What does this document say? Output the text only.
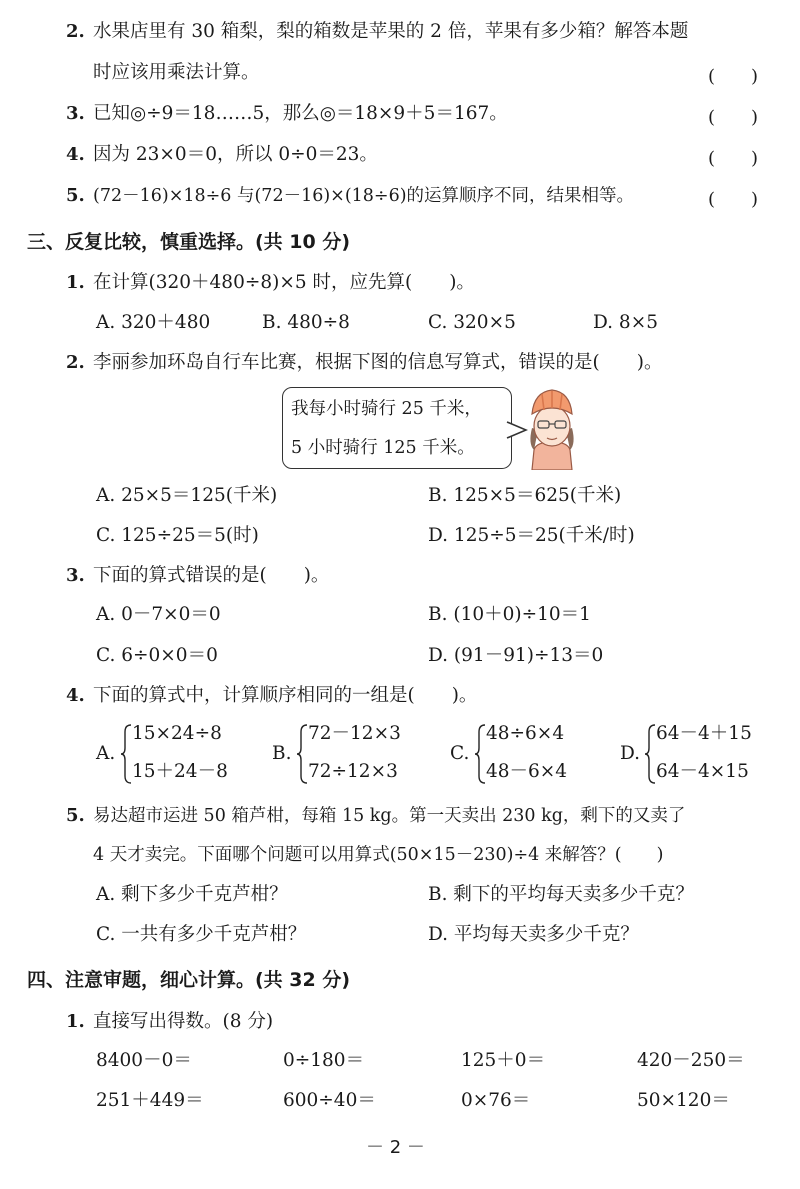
2. 水果店里有 30 箱梨，梨的箱数是苹果的 2 倍，苹果有多少箱？解答本题
时应该用乘法计算。	(　　)
3. 已知◎÷9＝18……5，那么◎＝18×9＋5＝167。	(　　)
4. 因为 23×0＝0，所以 0÷0＝23。	(　　)
5. (72－16)×18÷6 与(72－16)×(18÷6)的运算顺序不同，结果相等。	(　　)
三、反复比较，慎重选择。(共 10 分)
1. 在计算(320＋480÷8)×5 时，应先算(　　)。
A. 320＋480	B. 480÷8	C. 320×5	D. 8×5
2. 李丽参加环岛自行车比赛，根据下图的信息写算式，错误的是(　　)。
我每小时骑行 25 千米，
5 小时骑行 125 千米。
A. 25×5＝125(千米)	B. 125×5＝625(千米)
C. 125÷25＝5(时)	D. 125÷5＝25(千米/时)
3. 下面的算式错误的是(　　)。
A. 0－7×0＝0	B. (10＋0)÷10＝1
C. 6÷0×0＝0	D. (91－91)÷13＝0
4. 下面的算式中，计算顺序相同的一组是(　　)。
A.
15×24÷8
15＋24－8
B.
72－12×3
72÷12×3
C.
48÷6×4
48－6×4
D.
64－4＋15
64－4×15
5. 易达超市运进 50 箱芦柑，每箱 15 kg。第一天卖出 230 kg，剩下的又卖了
4 天才卖完。下面哪个问题可以用算式(50×15－230)÷4 来解答？(　　)
A. 剩下多少千克芦柑？	B. 剩下的平均每天卖多少千克？
C. 一共有多少千克芦柑？	D. 平均每天卖多少千克？
四、注意审题，细心计算。(共 32 分)
1. 直接写出得数。(8 分)
8400－0＝	0÷180＝	125＋0＝	420－250＝
251＋449＝	600÷40＝	0×76＝	50×120＝
－ 2 －
